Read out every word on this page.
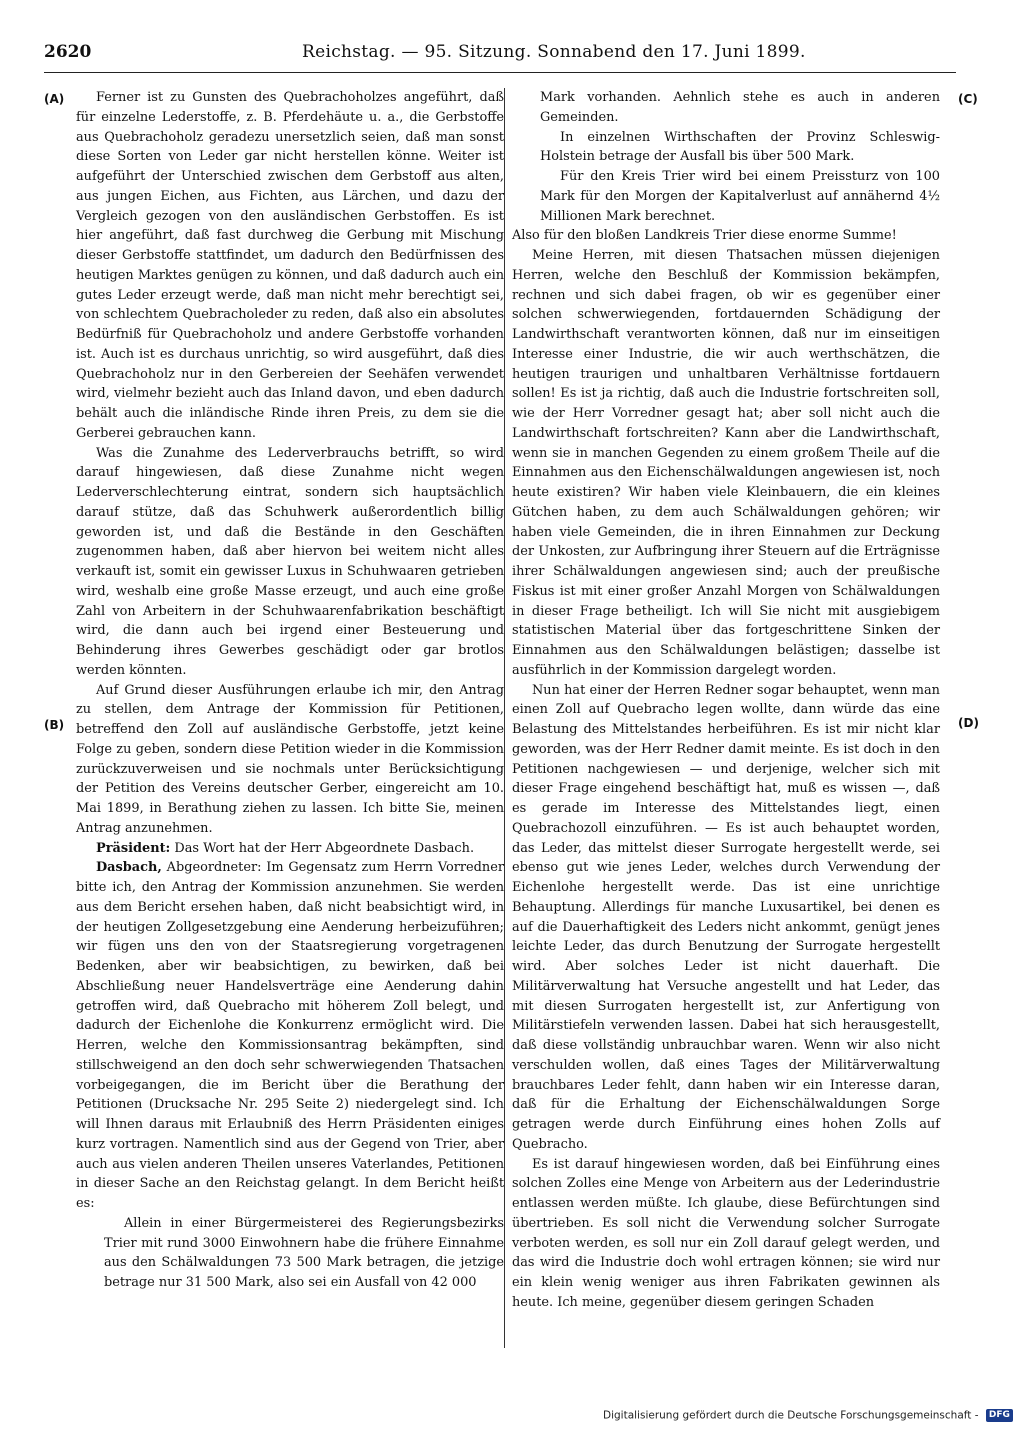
2620	Reichstag. — 95. Sitzung. Sonnabend den 17. Juni 1899.
(A)
(B)
(C)
(D)

Ferner ist zu Gunsten des Quebrachoholzes angeführt, daß für einzelne Lederstoffe, z. B. Pferdehäute u. a., die Gerbstoffe aus Quebrachoholz geradezu unersetzlich seien, daß man sonst diese Sorten von Leder gar nicht herstellen könne. Weiter ist aufgeführt der Unterschied zwischen dem Gerbstoff aus alten, aus jungen Eichen, aus Fichten, aus Lärchen, und dazu der Vergleich gezogen von den ausländischen Gerbstoffen. Es ist hier angeführt, daß fast durchweg die Gerbung mit Mischung dieser Gerbstoffe stattfindet, um dadurch den Bedürfnissen des heutigen Marktes genügen zu können, und daß dadurch auch ein gutes Leder erzeugt werde, daß man nicht mehr berechtigt sei, von schlechtem Quebracholeder zu reden, daß also ein absolutes Bedürfniß für Quebrachoholz und andere Gerbstoffe vorhanden ist. Auch ist es durchaus unrichtig, so wird ausgeführt, daß dies Quebrachoholz nur in den Gerbereien der Seehäfen verwendet wird, vielmehr bezieht auch das Inland davon, und eben dadurch behält auch die inländische Rinde ihren Preis, zu dem sie die Gerberei gebrauchen kann.

Was die Zunahme des Lederverbrauchs betrifft, so wird darauf hingewiesen, daß diese Zunahme nicht wegen Lederverschlechterung eintrat, sondern sich hauptsächlich darauf stütze, daß das Schuhwerk außerordentlich billig geworden ist, und daß die Bestände in den Geschäften zugenommen haben, daß aber hiervon bei weitem nicht alles verkauft ist, somit ein gewisser Luxus in Schuhwaaren getrieben wird, weshalb eine große Masse erzeugt, und auch eine große Zahl von Arbeitern in der Schuhwaarenfabrikation beschäftigt wird, die dann auch bei irgend einer Besteuerung und Behinderung ihres Gewerbes geschädigt oder gar brotlos werden könnten.

Auf Grund dieser Ausführungen erlaube ich mir, den Antrag zu stellen, dem Antrage der Kommission für Petitionen, betreffend den Zoll auf ausländische Gerbstoffe, jetzt keine Folge zu geben, sondern diese Petition wieder in die Kommission zurückzuverweisen und sie nochmals unter Berücksichtigung der Petition des Vereins deutscher Gerber, eingereicht am 10. Mai 1899, in Berathung ziehen zu lassen. Ich bitte Sie, meinen Antrag anzunehmen.

Präsident: Das Wort hat der Herr Abgeordnete Dasbach.

Dasbach, Abgeordneter: Im Gegensatz zum Herrn Vorredner bitte ich, den Antrag der Kommission anzunehmen. Sie werden aus dem Bericht ersehen haben, daß nicht beabsichtigt wird, in der heutigen Zollgesetzgebung eine Aenderung herbeizuführen; wir fügen uns den von der Staatsregierung vorgetragenen Bedenken, aber wir beabsichtigen, zu bewirken, daß bei Abschließung neuer Handelsverträge eine Aenderung dahin getroffen wird, daß Quebracho mit höherem Zoll belegt, und dadurch der Eichenlohe die Konkurrenz ermöglicht wird. Die Herren, welche den Kommissionsantrag bekämpften, sind stillschweigend an den doch sehr schwerwiegenden Thatsachen vorbeigegangen, die im Bericht über die Berathung der Petitionen (Drucksache Nr. 295 Seite 2) niedergelegt sind. Ich will Ihnen daraus mit Erlaubniß des Herrn Präsidenten einiges kurz vortragen. Namentlich sind aus der Gegend von Trier, aber auch aus vielen anderen Theilen unseres Vaterlandes, Petitionen in dieser Sache an den Reichstag gelangt. In dem Bericht heißt es:

Allein in einer Bürgermeisterei des Regierungsbezirks Trier mit rund 3000 Einwohnern habe die frühere Einnahme aus den Schälwaldungen 73 500 Mark betragen, die jetzige betrage nur 31 500 Mark, also sei ein Ausfall von 42 000

Mark vorhanden. Aehnlich stehe es auch in anderen Gemeinden.

In einzelnen Wirthschaften der Provinz Schleswig-Holstein betrage der Ausfall bis über 500 Mark.

Für den Kreis Trier wird bei einem Preissturz von 100 Mark für den Morgen der Kapitalverlust auf annähernd 4½ Millionen Mark berechnet.

Also für den bloßen Landkreis Trier diese enorme Summe!

Meine Herren, mit diesen Thatsachen müssen diejenigen Herren, welche den Beschluß der Kommission bekämpfen, rechnen und sich dabei fragen, ob wir es gegenüber einer solchen schwerwiegenden, fortdauernden Schädigung der Landwirthschaft verantworten können, daß nur im einseitigen Interesse einer Industrie, die wir auch werthschätzen, die heutigen traurigen und unhaltbaren Verhältnisse fortdauern sollen! Es ist ja richtig, daß auch die Industrie fortschreiten soll, wie der Herr Vorredner gesagt hat; aber soll nicht auch die Landwirthschaft fortschreiten? Kann aber die Landwirthschaft, wenn sie in manchen Gegenden zu einem großem Theile auf die Einnahmen aus den Eichenschälwaldungen angewiesen ist, noch heute existiren? Wir haben viele Kleinbauern, die ein kleines Gütchen haben, zu dem auch Schälwaldungen gehören; wir haben viele Gemeinden, die in ihren Einnahmen zur Deckung der Unkosten, zur Aufbringung ihrer Steuern auf die Erträgnisse ihrer Schälwaldungen angewiesen sind; auch der preußische Fiskus ist mit einer großer Anzahl Morgen von Schälwaldungen in dieser Frage betheiligt. Ich will Sie nicht mit ausgiebigem statistischen Material über das fortgeschrittene Sinken der Einnahmen aus den Schälwaldungen belästigen; dasselbe ist ausführlich in der Kommission dargelegt worden.

Nun hat einer der Herren Redner sogar behauptet, wenn man einen Zoll auf Quebracho legen wollte, dann würde das eine Belastung des Mittelstandes herbeiführen. Es ist mir nicht klar geworden, was der Herr Redner damit meinte. Es ist doch in den Petitionen nachgewiesen — und derjenige, welcher sich mit dieser Frage eingehend beschäftigt hat, muß es wissen —, daß es gerade im Interesse des Mittelstandes liegt, einen Quebrachozoll einzuführen. — Es ist auch behauptet worden, das Leder, das mittelst dieser Surrogate hergestellt werde, sei ebenso gut wie jenes Leder, welches durch Verwendung der Eichenlohe hergestellt werde. Das ist eine unrichtige Behauptung. Allerdings für manche Luxusartikel, bei denen es auf die Dauerhaftigkeit des Leders nicht ankommt, genügt jenes leichte Leder, das durch Benutzung der Surrogate hergestellt wird. Aber solches Leder ist nicht dauerhaft. Die Militärverwaltung hat Versuche angestellt und hat Leder, das mit diesen Surrogaten hergestellt ist, zur Anfertigung von Militärstiefeln verwenden lassen. Dabei hat sich herausgestellt, daß diese vollständig unbrauchbar waren. Wenn wir also nicht verschulden wollen, daß eines Tages der Militärverwaltung brauchbares Leder fehlt, dann haben wir ein Interesse daran, daß für die Erhaltung der Eichenschälwaldungen Sorge getragen werde durch Einführung eines hohen Zolls auf Quebracho.

Es ist darauf hingewiesen worden, daß bei Einführung eines solchen Zolles eine Menge von Arbeitern aus der Lederindustrie entlassen werden müßte. Ich glaube, diese Befürchtungen sind übertrieben. Es soll nicht die Verwendung solcher Surrogate verboten werden, es soll nur ein Zoll darauf gelegt werden, und das wird die Industrie doch wohl ertragen können; sie wird nur ein klein wenig weniger aus ihren Fabrikaten gewinnen als heute. Ich meine, gegenüber diesem geringen Schaden

Digitalisierung gefördert durch die Deutsche Forschungsgemeinschaft - DFG
